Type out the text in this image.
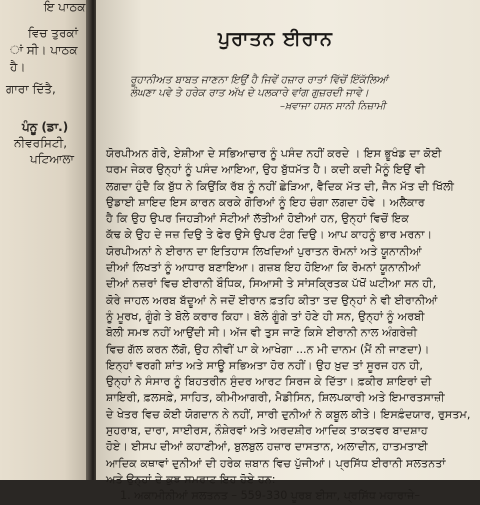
ਇ ਪਾਠਕ
ਵਿਚ ਤੁਰਕਾਂ
ਾਂ ਸੀ। ਪਾਠਕ
ਹੈ।
ਗਾਰਾ ਦਿੱਤੈ,
ਪੰਨੂ (ਡਾ.)
ਨੀਵਰਸਿਟੀ,
ਪਟਿਆਲਾ
ਪੁਰਾਤਨ ਈਰਾਨ
ਰੂਹਾਨੀਅਤ ਬਾਬਤ ਜਾਣਨਾ ਇਉਂ ਹੈ ਜਿਵੇਂ ਹਜ਼ਾਰ ਰਾਤਾਂ ਵਿੱਚੋਂ ਇੱਕੱਲਿਆਂ
ਲੰਘਣਾ ਪਵੇ ਤੇ ਹਰੇਕ ਰਾਤ ਅੱਖ ਦੇ ਪਲਕਾਰੇ ਵਾਂਗ ਗੁਜ਼ਰਦੀ ਜਾਵੇ।
–ਖ਼ਵਾਜਾ ਹਸਨ ਸਾਨੀ ਨਿਜ਼ਾਮੀ
ਯੋਰਪੀਅਨ ਗੋਰੇ, ਏਸ਼ੀਆ ਦੇ ਸਭਿਆਚਾਰ ਨੂੰ ਪਸੰਦ ਨਹੀਂ ਕਰਦੇ । ਇਸ ਭੂਖੰਡ ਦਾ ਕੋਈ
ਧਰਮ ਜੇਕਰ ਉਨ੍ਹਾਂ ਨੂੰ ਪਸੰਦ ਆਇਆ, ਉਹ ਬੁੱਧਮੱਤ ਹੈ। ਕਦੀ ਕਦੀ ਮੈਨੂੰ ਇਉਂ ਵੀ
ਲਗਦਾ ਹੁੰਦੈ ਕਿ ਬੁੱਧ ਨੇ ਕਿਉਂਕਿ ਰੱਬ ਨੂੰ ਨਹੀਂ ਛੇੜਿਆ, ਵੈਦਿਕ ਮੱਤ ਦੀ, ਜੈਨ ਮੱਤ ਦੀ ਖਿੱਲੀ
ਉਡਾਈ ਸ਼ਾਇਦ ਇਸ ਕਾਰਨ ਕਰਕੇ ਗੋਰਿਆਂ ਨੂੰ ਇਹ ਚੰਗਾ ਲਗਦਾ ਹੋਵੇ । ਅਲੈਕਾਰ
ਹੈ ਕਿ ਉਹ ਉਪਰ ਜਿਹੜੀਆਂ ਸੋਟੀਆਂ ਲੱਤੀਆਂ ਹੋਈਆਂ ਹਨ, ਉਨ੍ਹਾਂ ਵਿਚੋਂ ਇਕ
ਕੱਢ ਕੇ ਉਹ ਦੇ ਜਜ਼ ਦਿਉ ਤੇ ਫੇਰ ਉਸੇ ਉਪਰ ਟੰਗ ਦਿਉ। ਆਪ ਕਾਹਨੂੰ ਭਾਰ ਮਰਨਾ।
ਯੋਰਪੀਅਨਾਂ ਨੇ ਈਰਾਨ ਦਾ ਇਤਿਹਾਸ ਲਿਖਦਿਆਂ ਪੁਰਾਤਨ ਰੋਮਨਾਂ ਅਤੇ ਯੂਨਾਨੀਆਂ
ਦੀਆਂ ਲਿਖਤਾਂ ਨੂੰ ਆਧਾਰ ਬਣਾਇਆ। ਗਜ਼ਬ ਇਹ ਹੋਇਆ ਕਿ ਰੋਮਨਾਂ ਯੂਨਾਨੀਆਂ
ਦੀਆਂ ਨਜ਼ਰਾਂ ਵਿਚ ਈਰਾਨੀ ਬੌਧਿਕ, ਸਿਆਸੀ ਤੇ ਸਾਂਸਕ੍ਰਿਤਕ ਪੱਖੋਂ ਘਟੀਆ ਸਨ ਹੀ,
ਕੋਰੇ ਜਾਹਲ ਅਰਬ ਬੱਦੂਆਂ ਨੇ ਜਦੋਂ ਈਰਾਨ ਫ਼ਤਹਿ ਕੀਤਾ ਤਦ ਉਨ੍ਹਾਂ ਨੇ ਵੀ ਈਰਾਨੀਆਂ
ਨੂੰ ਮੂਰਖ, ਗੂੰਗੇ ਤੇ ਬੋਲੇ ਕਰਾਰ ਕਿਹਾ। ਬੋਲੇ ਗੂੰਗੇ ਤਾਂ ਹੋਣੇ ਹੀ ਸਨ, ਉਨ੍ਹਾਂ ਨੂੰ ਅਰਬੀ
ਬੋਲੀ ਸਮਝ ਨਹੀਂ ਆਉਂਦੀ ਸੀ। ਅੱਜ ਵੀ ਤੁਸ ਜਾਣੋ ਕਿਸੇ ਈਰਾਨੀ ਨਾਲ ਅੰਗਰੇਜ਼ੀ
ਵਿਚ ਗੱਲ ਕਰਨ ਲੱਗੋ, ਉਹ ਨੀਵੀਂ ਪਾ ਕੇ ਆਖੇਗਾ ...ਨ ਮੀ ਦਾਨਮ (ਮੈਂ ਨੀ ਜਾਣਦਾ)।
ਇਨ੍ਹਾਂ ਵਰਗੀ ਸ਼ਾਂਤ ਅਤੇ ਸਾਊ ਸਭਿਅਤਾ ਹੋਰ ਨਹੀਂ। ਉਹ ਖ਼ੁਦ ਤਾਂ ਸੂਰਜ ਹਨ ਹੀ,
ਉਨ੍ਹਾਂ ਨੇ ਸੰਸਾਰ ਨੂੰ ਬਿਹਤਰੀਨ ਸੁੰਦਰ ਆਰਟ ਸਿਰਜ ਕੇ ਦਿੱਤਾ। ਫ਼ਕੀਰ ਸ਼ਾਇਰਾਂ ਦੀ
ਸ਼ਾਇਰੀ, ਫ਼ਲਸਫ਼ੇ, ਸਾਹਿਤ, ਕੀਮੀਆਗਰੀ, ਮੈਡੀਸਿਨ, ਸ਼ਿਲਪਕਾਰੀ ਅਤੇ ਇਮਾਰਤਸਾਜ਼ੀ
ਦੇ ਖੇਤਰ ਵਿਚ ਕੋਈ ਯੋਗਦਾਨ ਨੇ ਨਹੀਂ, ਸਾਰੀ ਦੁਨੀਆਂ ਨੇ ਕਬੂਲ ਕੀਤੇ। ਇਸਫ਼ੰਦਯਾਰ, ਰੁਸਤਮ,
ਸੁਹਰਾਬ, ਦਾਰਾ, ਸਾਈਰਸ, ਨੌਸ਼ੇਰਵਾਂ ਅਤੇ ਅਰਦਸ਼ੀਰ ਆਦਿਕ ਤਾਕਤਵਰ ਬਾਦਸ਼ਾਹ
ਹੋਏ। ਈਸਪ ਦੀਆਂ ਕਹਾਣੀਆਂ, ਬੁਲਬੁਲ ਹਜ਼ਾਰ ਦਾਸਤਾਨ, ਅਲਾਦੀਨ, ਹਾਤਮਤਾਈ
ਆਦਿਕ ਕਥਾਵਾਂ ਦੁਨੀਆਂ ਦੀ ਹਰੇਕ ਜ਼ਬਾਨ ਵਿਚ ਪੁੱਜੀਆਂ। ਪ੍ਰਸਿੱਧ ਈਰਾਨੀ ਸਲਤਨਤਾਂ
ਅਤੇ ਉਨ੍ਹਾਂ ਦੇ ਕੁਝ ਸਮਰਾਟ ਇਹ ਹੋਏ ਹਨ:
1. ਅਕਾਮੀਨੀਆਂ ਸਲਤਨਤ – 559-330 ਪੂਰਬ ਈਸਾ, ਪ੍ਰਸਿੱਧ ਮਹਾਰਾਜੇ–
